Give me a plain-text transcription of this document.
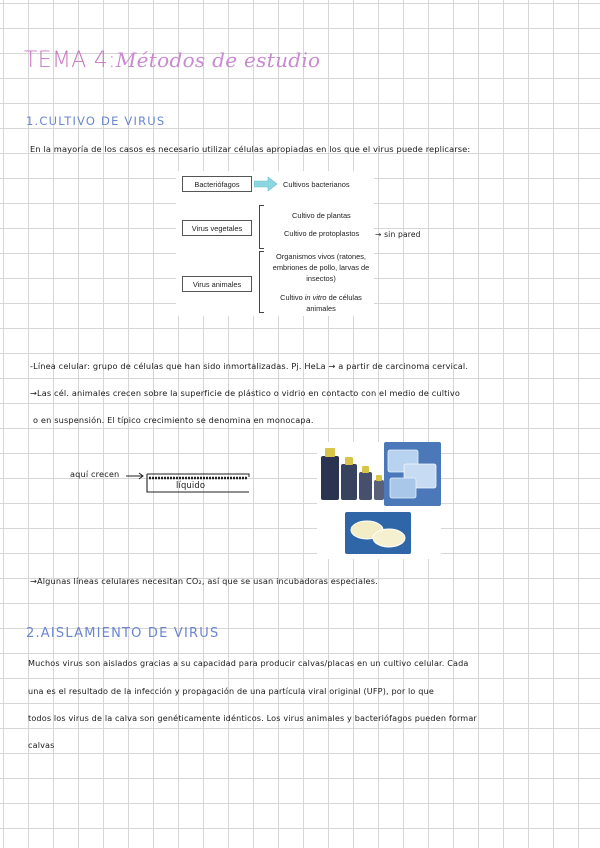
TEMA 4:Métodos de estudio
1.CULTIVO DE VIRUS
En la mayoría de los casos es necesario utilizar células apropiadas en los que el virus puede replicarse:
Bacteriófagos	Cultivos bacterianos
Virus vegetales
Cultivo de plantas
Cultivo de protoplastos
Virus animales
Organismos vivos (ratones,
embriones de pollo, larvas de
insectos)
Cultivo in vitro de células
animales
→ sin pared
-Línea celular: grupo de células que han sido inmortalizadas. Pj. HeLa → a partir de carcinoma cervical.
→Las cél. animales crecen sobre la superficie de plástico o vidrio en contacto con el medio de cultivo
o en suspensión. El típico crecimiento se denomina en monocapa.
aquí crecen
líquido
→Algunas líneas celulares necesitan CO₂, así que se usan incubadoras especiales.
2.AISLAMIENTO DE VIRUS
Muchos virus son aislados gracias a su capacidad para producir calvas/placas en un cultivo celular. Cada
una es el resultado de la infección y propagación de una partícula viral original (UFP), por lo que
todos los virus de la calva son genéticamente idénticos. Los virus animales y bacteriófagos pueden formar
calvas
